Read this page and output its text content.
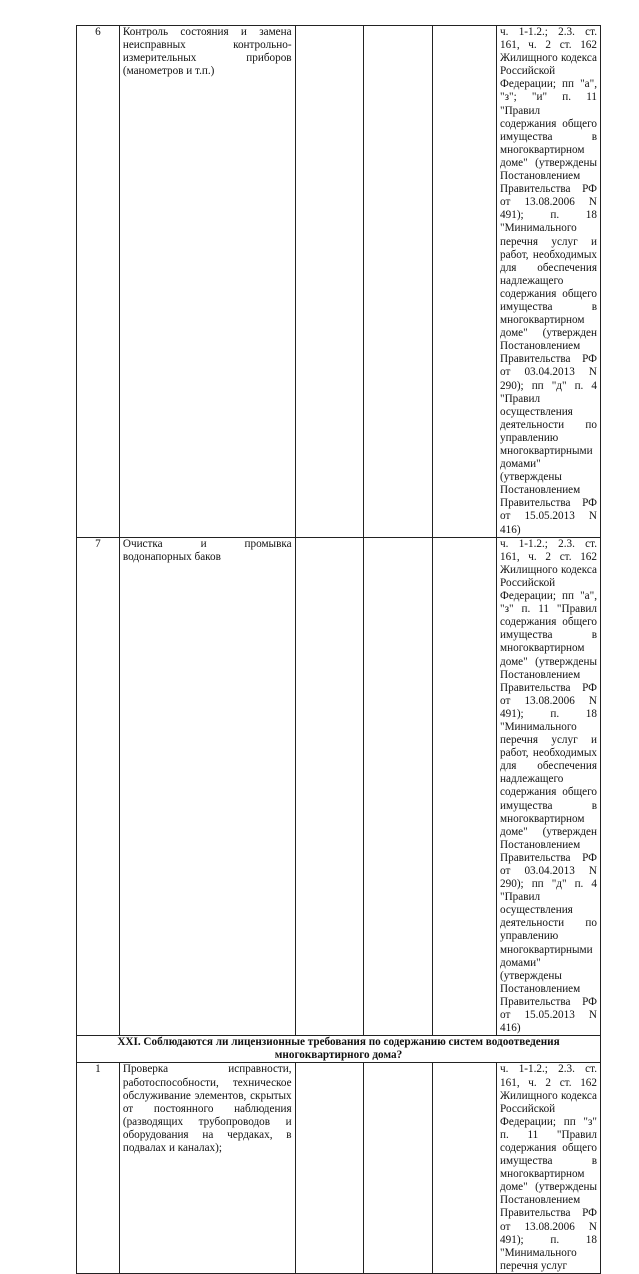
6	Контроль состояния и замена неисправных контрольно-измерительных приборов (манометров и т.п.)				ч. 1-1.2.; 2.3. ст. 161, ч. 2 ст. 162 Жилищного кодекса Российской Федерации; пп "а", "з"; "и" п. 11 "Правил содержания общего имущества в многоквартирном доме" (утверждены Постановлением Правительства РФ от 13.08.2006 N 491); п. 18 "Минимального перечня услуг и работ, необходимых для обеспечения надлежащего содержания общего имущества в многоквартирном доме" (утвержден Постановлением Правительства РФ от 03.04.2013 N 290); пп "д" п. 4 "Правил осуществления деятельности по управлению многоквартирными домами" (утверждены Постановлением Правительства РФ от 15.05.2013 N 416)
7	Очистка и промывка водонапорных баков				ч. 1-1.2.; 2.3. ст. 161, ч. 2 ст. 162 Жилищного кодекса Российской Федерации; пп "а", "з" п. 11 "Правил содержания общего имущества в многоквартирном доме" (утверждены Постановлением Правительства РФ от 13.08.2006 N 491); п. 18 "Минимального перечня услуг и работ, необходимых для обеспечения надлежащего содержания общего имущества в многоквартирном доме" (утвержден Постановлением Правительства РФ от 03.04.2013 N 290); пп "д" п. 4 "Правил осуществления деятельности по управлению многоквартирными домами" (утверждены Постановлением Правительства РФ от 15.05.2013 N 416)
XXI. Соблюдаются ли лицензионные требования по содержанию систем водоотведения многоквартирного дома?					
1	Проверка исправности, работоспособности, техническое обслуживание элементов, скрытых от постоянного наблюдения (разводящих трубопроводов и оборудования на чердаках, в подвалах и каналах);				ч. 1-1.2.; 2.3. ст. 161, ч. 2 ст. 162 Жилищного кодекса Российской Федерации; пп "з" п. 11 "Правил содержания общего имущества в многоквартирном доме" (утверждены Постановлением Правительства РФ от 13.08.2006 N 491); п. 18 "Минимального перечня услуг
